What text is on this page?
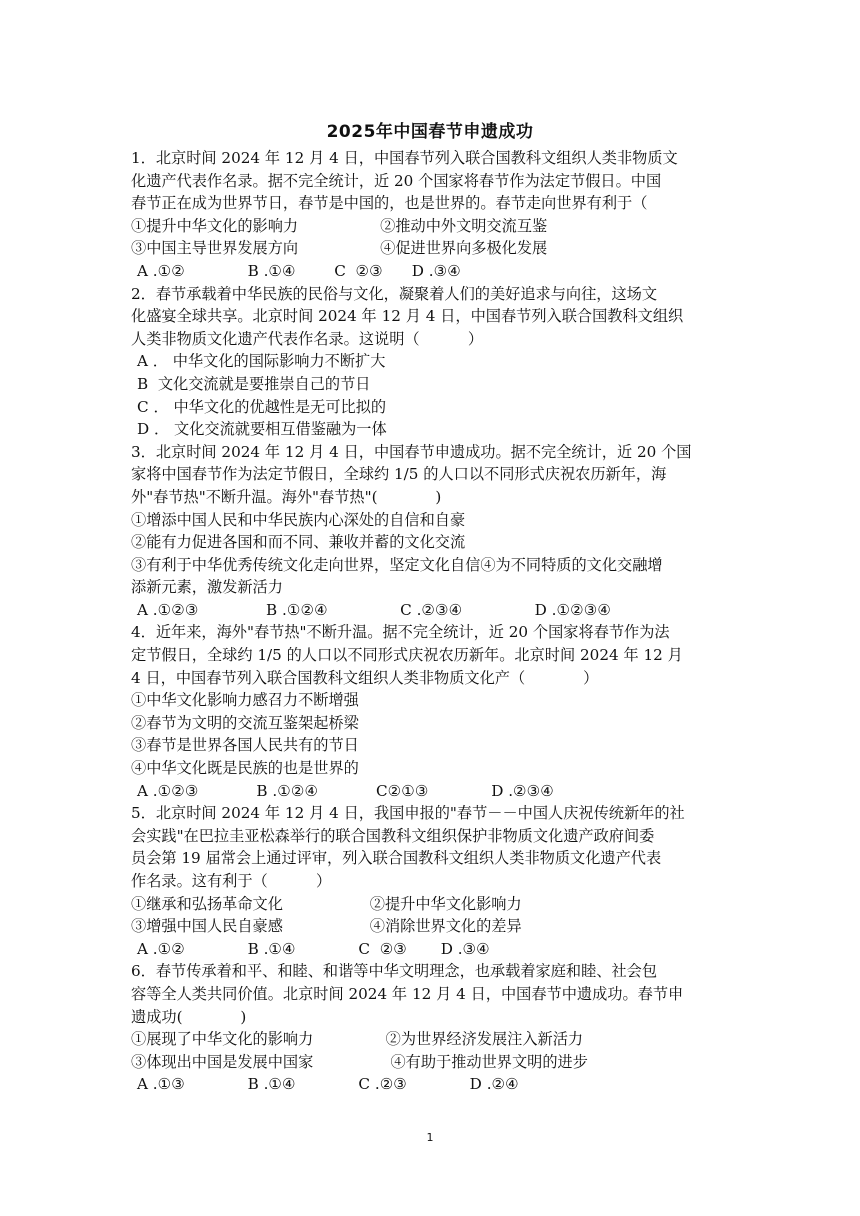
2025年中国春节申遗成功
1．北京时间 2024 年 12 月 4 日，中国春节列入联合国教科文组织人类非物质文
化遗产代表作名录。据不完全统计，近 20 个国家将春节作为法定节假日。中国
春节正在成为世界节日，春节是中国的，也是世界的。春节走向世界有利于（
①提升中华文化的影响力                 ②推动中外文明交流互鉴
③中国主导世界发展方向                 ④促进世界向多极化发展
A .①②             B .①④        C  ②③      D .③④
2．春节承载着中华民族的民俗与文化，凝聚着人们的美好追求与向往，这场文
化盛宴全球共享。北京时间 2024 年 12 月 4 日，中国春节列入联合国教科文组织
人类非物质文化遗产代表作名录。这说明（          ）
A ． 中华文化的国际影响力不断扩大
B  文化交流就是要推崇自己的节日
C ． 中华文化的优越性是无可比拟的
D ． 文化交流就要相互借鉴融为一体
3．北京时间 2024 年 12 月 4 日，中国春节申遗成功。据不完全统计，近 20 个国
家将中国春节作为法定节假日，全球约 1/5 的人口以不同形式庆祝农历新年，海
外"春节热"不断升温。海外"春节热"(            )
①增添中国人民和中华民族内心深处的自信和自豪
②能有力促进各国和而不同、兼收并蓄的文化交流
③有利于中华优秀传统文化走向世界，坚定文化自信④为不同特质的文化交融增
添新元素，激发新活力
A .①②③              B .①②④               C .②③④               D .①②③④
4．近年来，海外"春节热"不断升温。据不完全统计，近 20 个国家将春节作为法
定节假日，全球约 1/5 的人口以不同形式庆祝农历新年。北京时间 2024 年 12 月
4 日，中国春节列入联合国教科文组织人类非物质文化产（            ）
①中华文化影响力感召力不断增强
②春节为文明的交流互鉴架起桥梁
③春节是世界各国人民共有的节日
④中华文化既是民族的也是世界的
A .①②③            B .①②④            C②①③             D .②③④
5．北京时间 2024 年 12 月 4 日，我国申报的"春节－－中国人庆祝传统新年的社
会实践"在巴拉圭亚松森举行的联合国教科文组织保护非物质文化遗产政府间委
员会第 19 届常会上通过评审，列入联合国教科文组织人类非物质文化遗产代表
作名录。这有利于（          ）
①继承和弘扬革命文化                  ②提升中华文化影响力
③增强中国人民自豪感                  ④消除世界文化的差异
A .①②             B .①④             C  ②③       D .③④
6．春节传承着和平、和睦、和谐等中华文明理念，也承载着家庭和睦、社会包
容等全人类共同价值。北京时间 2024 年 12 月 4 日，中国春节中遗成功。春节申
遗成功(            )
①展现了中华文化的影响力               ②为世界经济发展注入新活力
③体现出中国是发展中国家                ④有助于推动世界文明的进步
A .①③             B .①④             C .②③             D .②④
1
